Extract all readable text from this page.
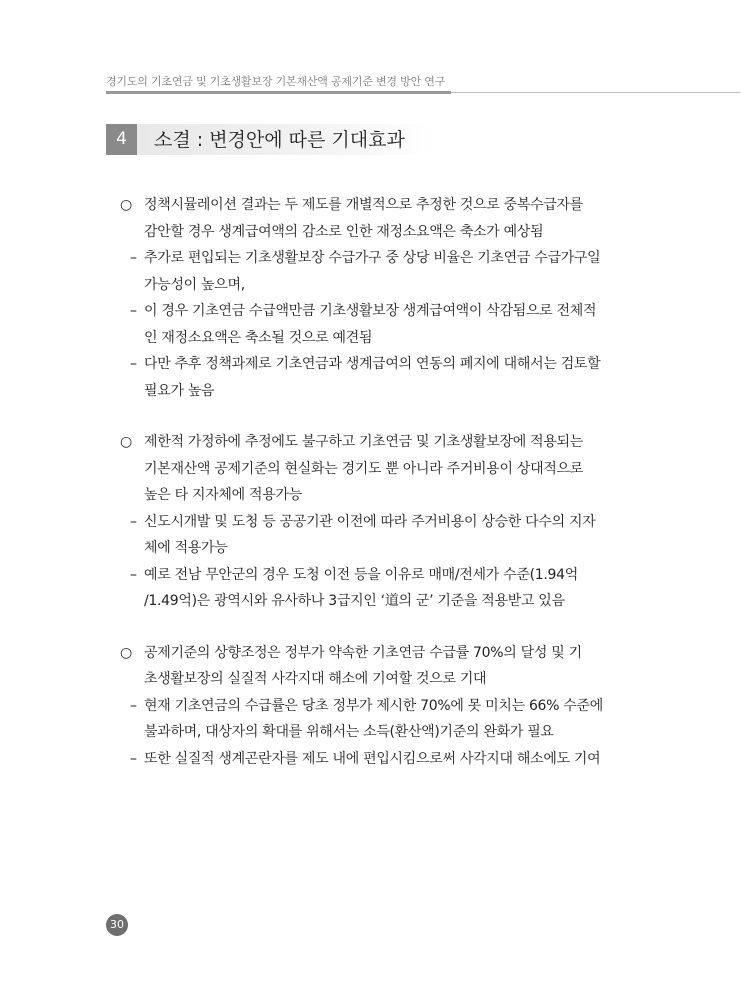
경기도의 기초연금 및 기초생활보장 기본재산액 공제기준 변경 방안 연구
4	소결 : 변경안에 따른 기대효과
○ 정책시뮬레이션 결과는 두 제도를 개별적으로 추정한 것으로 중복수급자를
감안할 경우 생계급여액의 감소로 인한 재정소요액은 축소가 예상됨
– 추가로 편입되는 기초생활보장 수급가구 중 상당 비율은 기초연금 수급가구일
가능성이 높으며,
– 이 경우 기초연금 수급액만큼 기초생활보장 생계급여액이 삭감됨으로 전체적
인 재정소요액은 축소될 것으로 예견됨
– 다만 추후 정책과제로 기초연금과 생계급여의 연동의 폐지에 대해서는 검토할
필요가 높음
○ 제한적 가정하에 추정에도 불구하고 기초연금 및 기초생활보장에 적용되는
기본재산액 공제기준의 현실화는 경기도 뿐 아니라 주거비용이 상대적으로
높은 타 지자체에 적용가능
– 신도시개발 및 도청 등 공공기관 이전에 따라 주거비용이 상승한 다수의 지자
체에 적용가능
– 예로 전남 무안군의 경우 도청 이전 등을 이유로 매매/전세가 수준(1.94억
/1.49억)은 광역시와 유사하나 3급지인 ‘道의 군’ 기준을 적용받고 있음
○ 공제기준의 상향조정은 정부가 약속한 기초연금 수급률 70%의 달성 및 기
초생활보장의 실질적 사각지대 해소에 기여할 것으로 기대
– 현재 기초연금의 수급률은 당초 정부가 제시한 70%에 못 미치는 66% 수준에
불과하며, 대상자의 확대를 위해서는 소득(환산액)기준의 완화가 필요
– 또한 실질적 생계곤란자를 제도 내에 편입시킴으로써 사각지대 해소에도 기여
30
